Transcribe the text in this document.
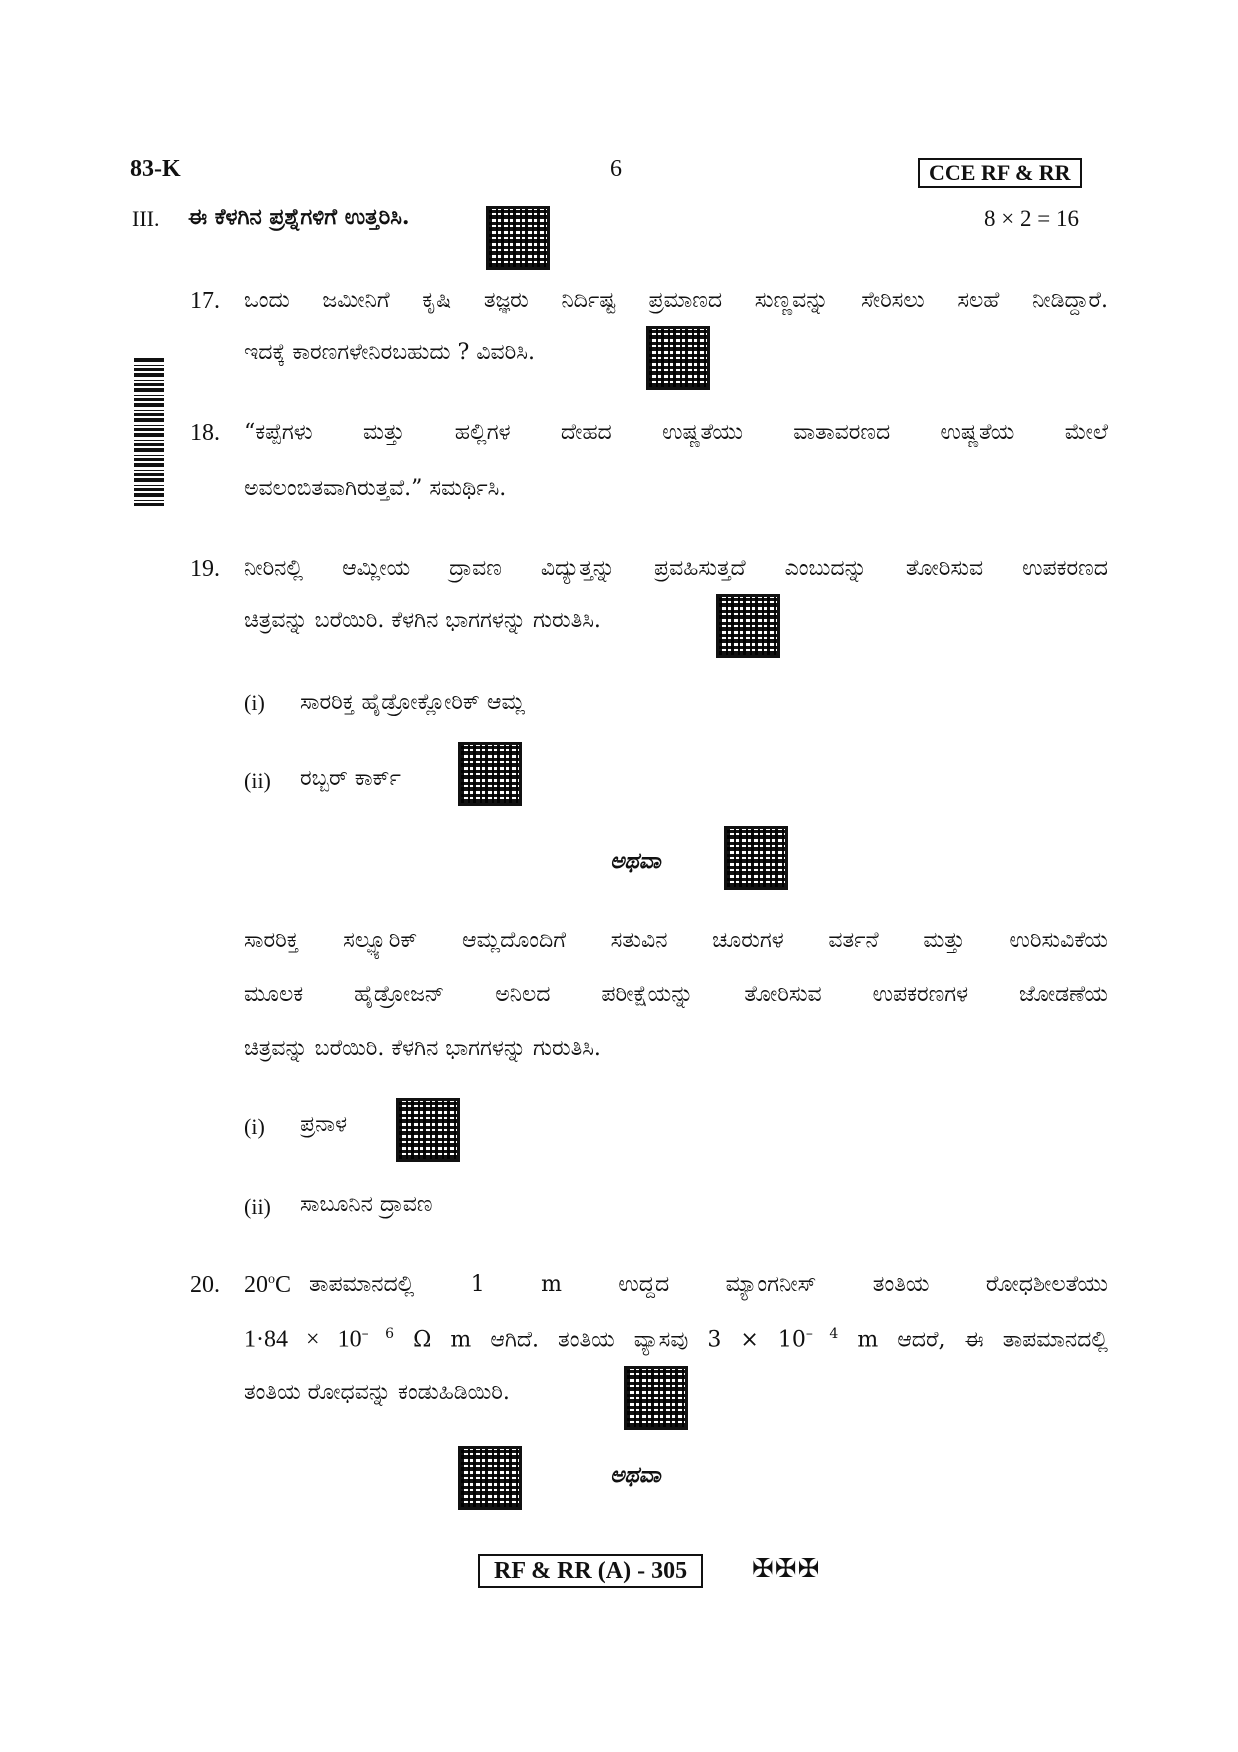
83-K	6	CCE RF & RR
III. ಈ ಕೆಳಗಿನ ಪ್ರಶ್ನೆಗಳಿಗೆ ಉತ್ತರಿಸಿ.	8 × 2 = 16
17. ಒಂದು ಜಮೀನಿಗೆ ಕೃಷಿ ತಜ್ಞರು ನಿರ್ದಿಷ್ಟ ಪ್ರಮಾಣದ ಸುಣ್ಣವನ್ನು ಸೇರಿಸಲು ಸಲಹೆ ನೀಡಿದ್ದಾರೆ.
ಇದಕ್ಕೆ ಕಾರಣಗಳೇನಿರಬಹುದು ? ವಿವರಿಸಿ.
18. “ಕಪ್ಪೆಗಳು ಮತ್ತು ಹಲ್ಲಿಗಳ ದೇಹದ ಉಷ್ಣತೆಯು ವಾತಾವರಣದ ಉಷ್ಣತೆಯ ಮೇಲೆ
ಅವಲಂಬಿತವಾಗಿರುತ್ತವೆ.” ಸಮರ್ಥಿಸಿ.
19. ನೀರಿನಲ್ಲಿ ಆಮ್ಲೀಯ ದ್ರಾವಣ ವಿದ್ಯುತ್ತನ್ನು ಪ್ರವಹಿಸುತ್ತದೆ ಎಂಬುದನ್ನು ತೋರಿಸುವ ಉಪಕರಣದ
ಚಿತ್ರವನ್ನು ಬರೆಯಿರಿ. ಕೆಳಗಿನ ಭಾಗಗಳನ್ನು ಗುರುತಿಸಿ.
(i) ಸಾರರಿಕ್ತ ಹೈಡ್ರೋಕ್ಲೋರಿಕ್ ಆಮ್ಲ
(ii) ರಬ್ಬರ್ ಕಾರ್ಕ್
ಅಥವಾ
ಸಾರರಿಕ್ತ ಸಲ್ಫ್ಯೂರಿಕ್ ಆಮ್ಲದೊಂದಿಗೆ ಸತುವಿನ ಚೂರುಗಳ ವರ್ತನೆ ಮತ್ತು ಉರಿಸುವಿಕೆಯ
ಮೂಲಕ ಹೈಡ್ರೋಜನ್ ಅನಿಲದ ಪರೀಕ್ಷೆಯನ್ನು ತೋರಿಸುವ ಉಪಕರಣಗಳ ಜೋಡಣೆಯ
ಚಿತ್ರವನ್ನು ಬರೆಯಿರಿ. ಕೆಳಗಿನ ಭಾಗಗಳನ್ನು ಗುರುತಿಸಿ.
(i) ಪ್ರನಾಳ
(ii) ಸಾಬೂನಿನ ದ್ರಾವಣ
20. 20$^o$C ತಾಪಮಾನದಲ್ಲಿ 1 m ಉದ್ದದ ಮ್ಯಾಂಗನೀಸ್ ತಂತಿಯ ರೋಧಶೀಲತೆಯು
$1\cdot 84 \times 10^{- 6}$ Ω m ಆಗಿದೆ. ತಂತಿಯ ವ್ಯಾಸವು $3 \times 10^{- 4}$ m ಆದರೆ, ಈ ತಾಪಮಾನದಲ್ಲಿ
ತಂತಿಯ ರೋಧವನ್ನು ಕಂಡುಹಿಡಿಯಿರಿ.
ಅಥವಾ
RF & RR (A) - 305	✠✠✠
